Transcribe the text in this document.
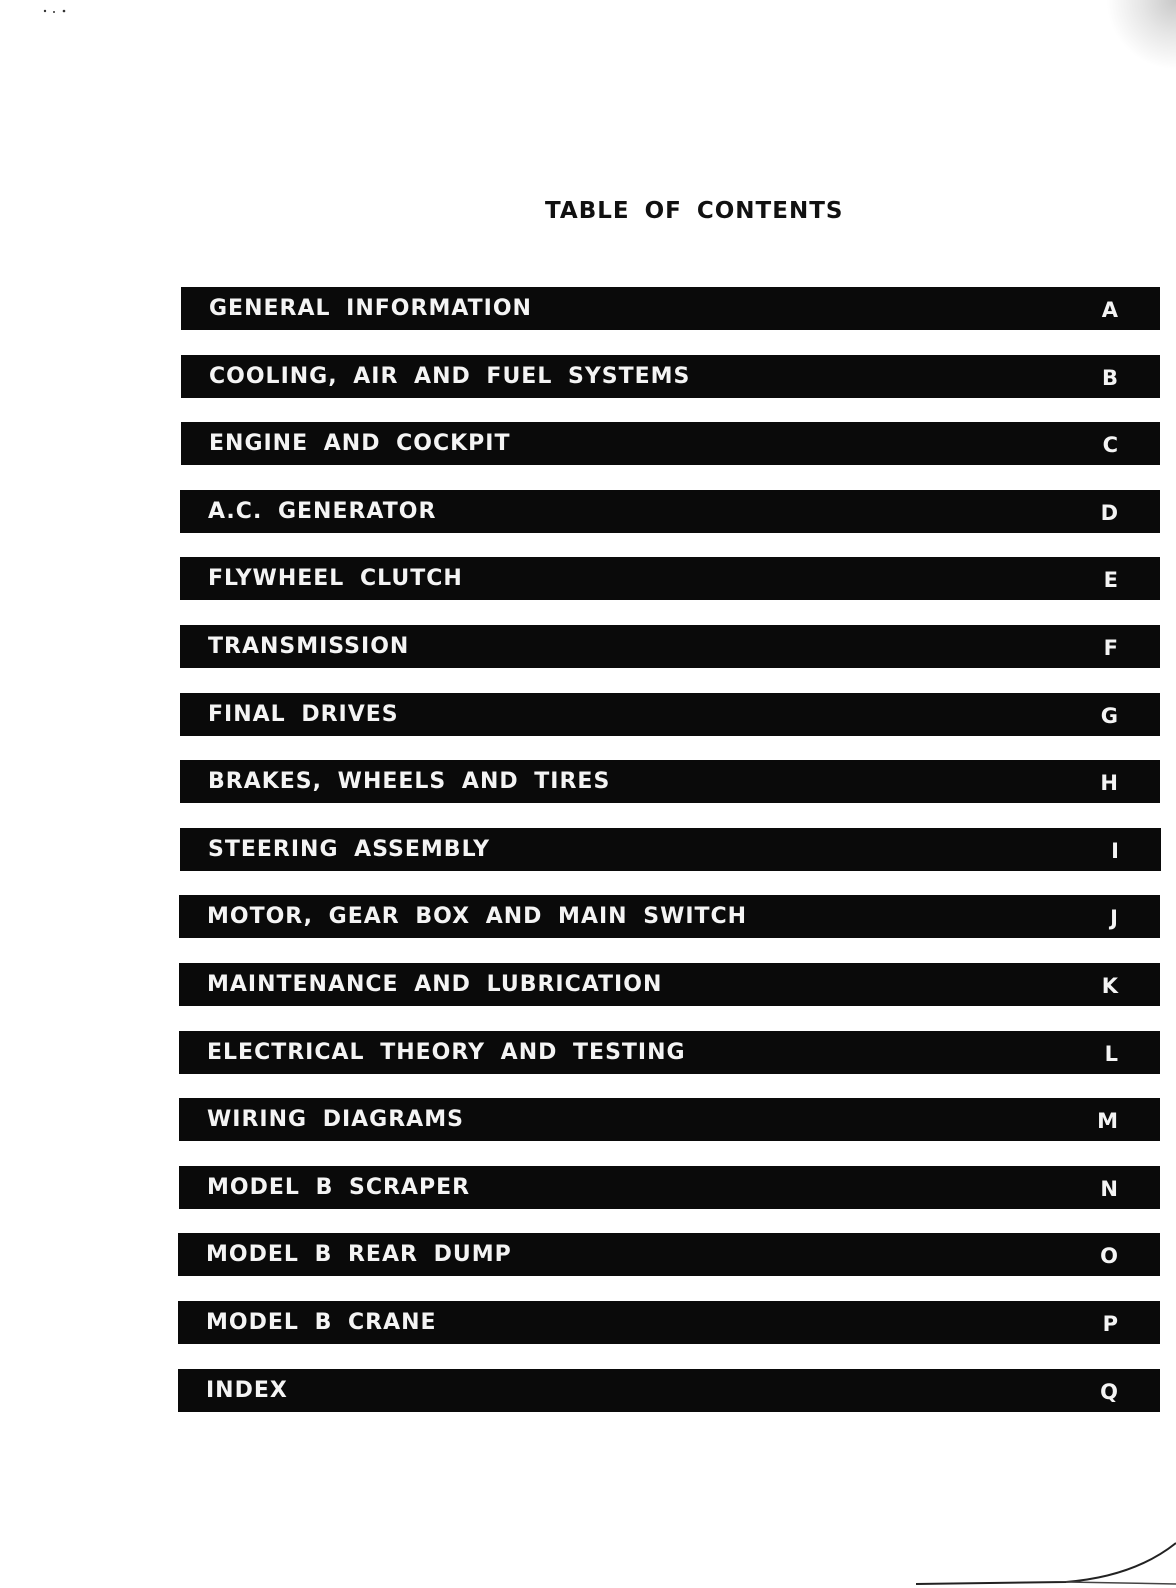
TABLE OF CONTENTS
GENERAL INFORMATION	A
COOLING, AIR AND FUEL SYSTEMS	B
ENGINE AND COCKPIT	C
A.C. GENERATOR	D
FLYWHEEL CLUTCH	E
TRANSMISSION	F
FINAL DRIVES	G
BRAKES, WHEELS AND TIRES	H
STEERING ASSEMBLY	I
MOTOR, GEAR BOX AND MAIN SWITCH	J
MAINTENANCE AND LUBRICATION	K
ELECTRICAL THEORY AND TESTING	L
WIRING DIAGRAMS	M
MODEL B SCRAPER	N
MODEL B REAR DUMP	O
MODEL B CRANE	P
INDEX	Q
